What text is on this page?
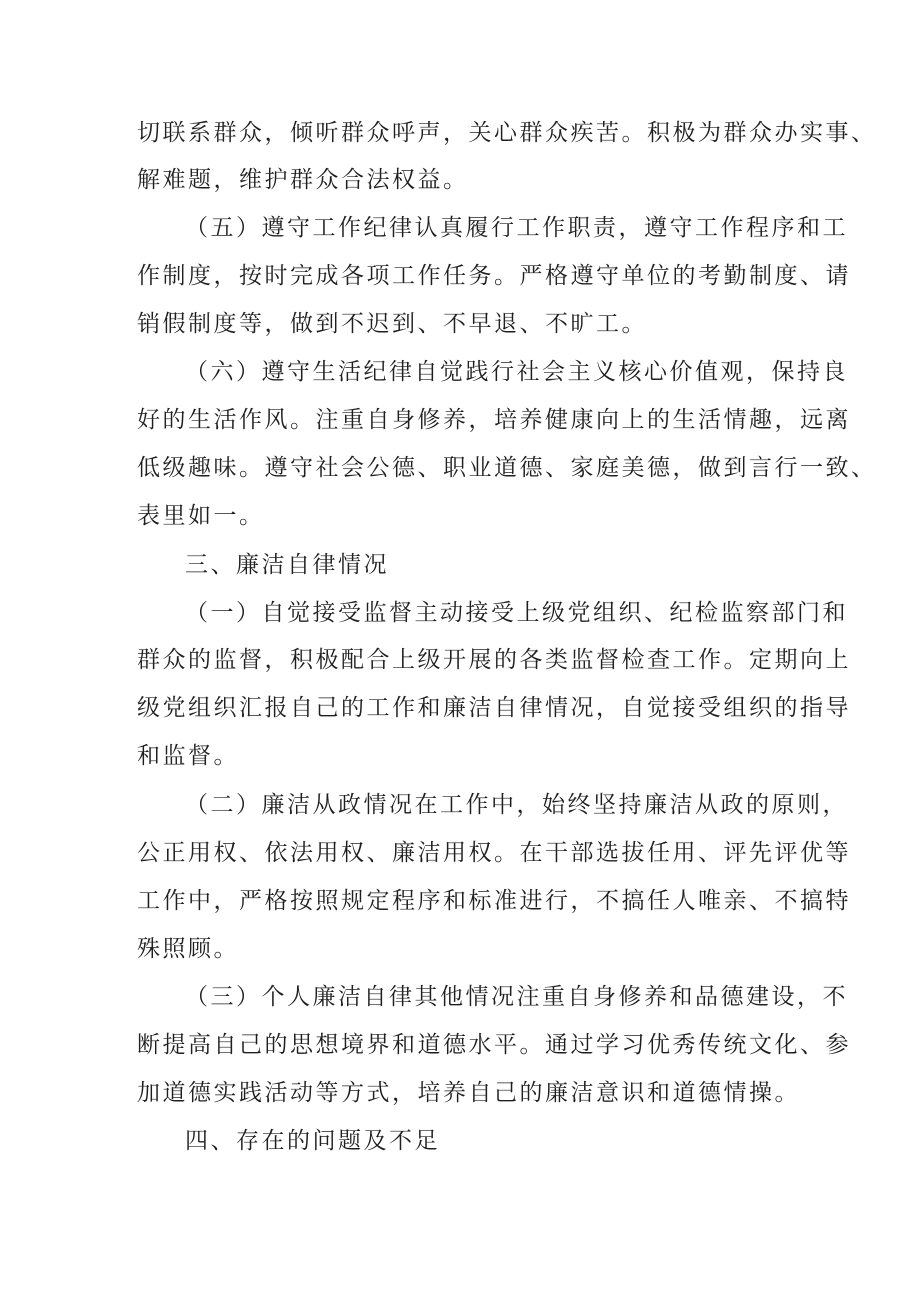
切联系群众，倾听群众呼声，关心群众疾苦。积极为群众办实事、
解难题，维护群众合法权益。
（五）遵守工作纪律认真履行工作职责，遵守工作程序和工
作制度，按时完成各项工作任务。严格遵守单位的考勤制度、请
销假制度等，做到不迟到、不早退、不旷工。
（六）遵守生活纪律自觉践行社会主义核心价值观，保持良
好的生活作风。注重自身修养，培养健康向上的生活情趣，远离
低级趣味。遵守社会公德、职业道德、家庭美德，做到言行一致、
表里如一。
三、廉洁自律情况
（一）自觉接受监督主动接受上级党组织、纪检监察部门和
群众的监督，积极配合上级开展的各类监督检查工作。定期向上
级党组织汇报自己的工作和廉洁自律情况，自觉接受组织的指导
和监督。
（二）廉洁从政情况在工作中，始终坚持廉洁从政的原则，
公正用权、依法用权、廉洁用权。在干部选拔任用、评先评优等
工作中，严格按照规定程序和标准进行，不搞任人唯亲、不搞特
殊照顾。
（三）个人廉洁自律其他情况注重自身修养和品德建设，不
断提高自己的思想境界和道德水平。通过学习优秀传统文化、参
加道德实践活动等方式，培养自己的廉洁意识和道德情操。
四、存在的问题及不足
